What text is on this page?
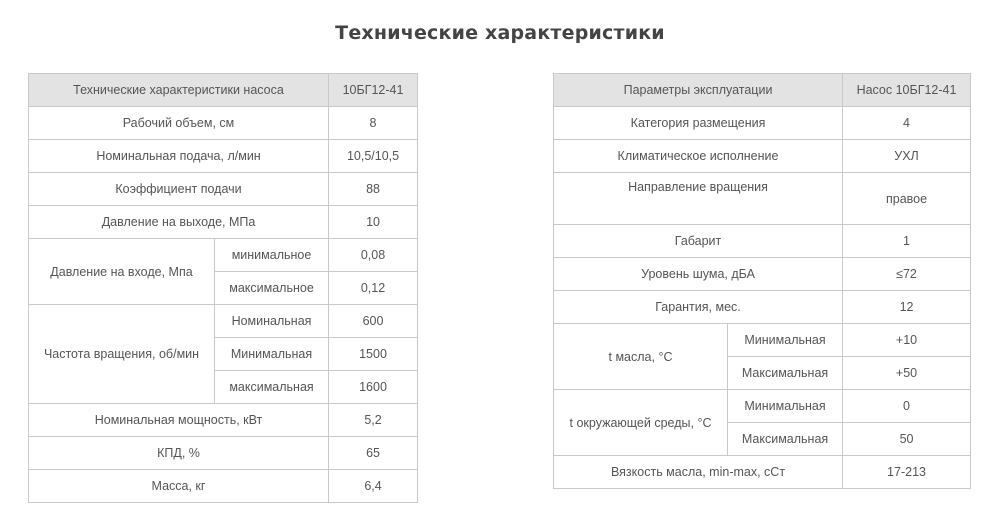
Технические характеристики
Технические характеристики насоса		10БГ12-41
Рабочий объем, см		8
Номинальная подача, л/мин		10,5/10,5
Коэффициент подачи		88
Давление на выходе, МПа		10
Давление на входе, Мпа	минимальное	0,08
	максимальное	0,12
Частота вращения, об/мин	Номинальная	600
	Минимальная	1500
	максимальная	1600
Номинальная мощность, кВт		5,2
КПД, %		65
Масса, кг		6,4
Параметры эксплуатации		Насос 10БГ12-41
Категория размещения		4
Климатическое исполнение		УХЛ
Направление вращения		правое
Габарит		1
Уровень шума, дБА		≤72
Гарантия, мес.		12
t масла, °С	Минимальная	+10
	Максимальная	+50
t окружающей среды, °С	Минимальная	0
	Максимальная	50
Вязкость масла, min-max, сСт		17-213
